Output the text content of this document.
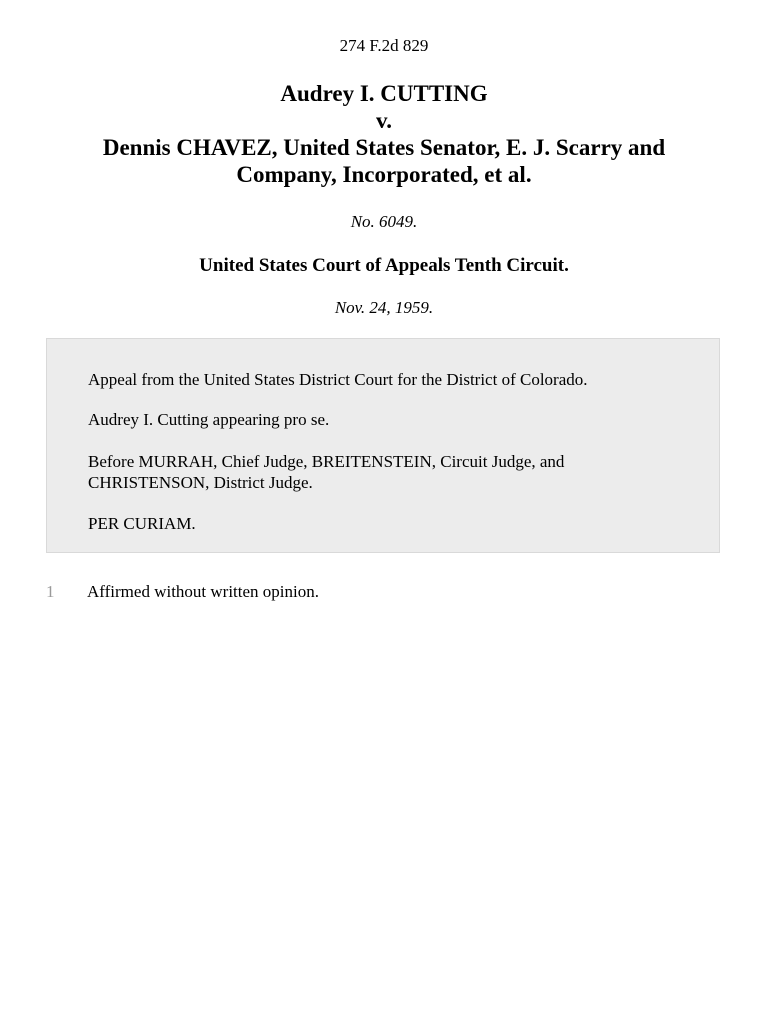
274 F.2d 829
Audrey I. CUTTING
v.
Dennis CHAVEZ, United States Senator, E. J. Scarry and
Company, Incorporated, et al.
No. 6049.
United States Court of Appeals Tenth Circuit.
Nov. 24, 1959.

Appeal from the United States District Court for the District of Colorado.

Audrey I. Cutting appearing pro se.

Before MURRAH, Chief Judge, BREITENSTEIN, Circuit Judge, and CHRISTENSON, District Judge.

PER CURIAM.

1 Affirmed without written opinion.
